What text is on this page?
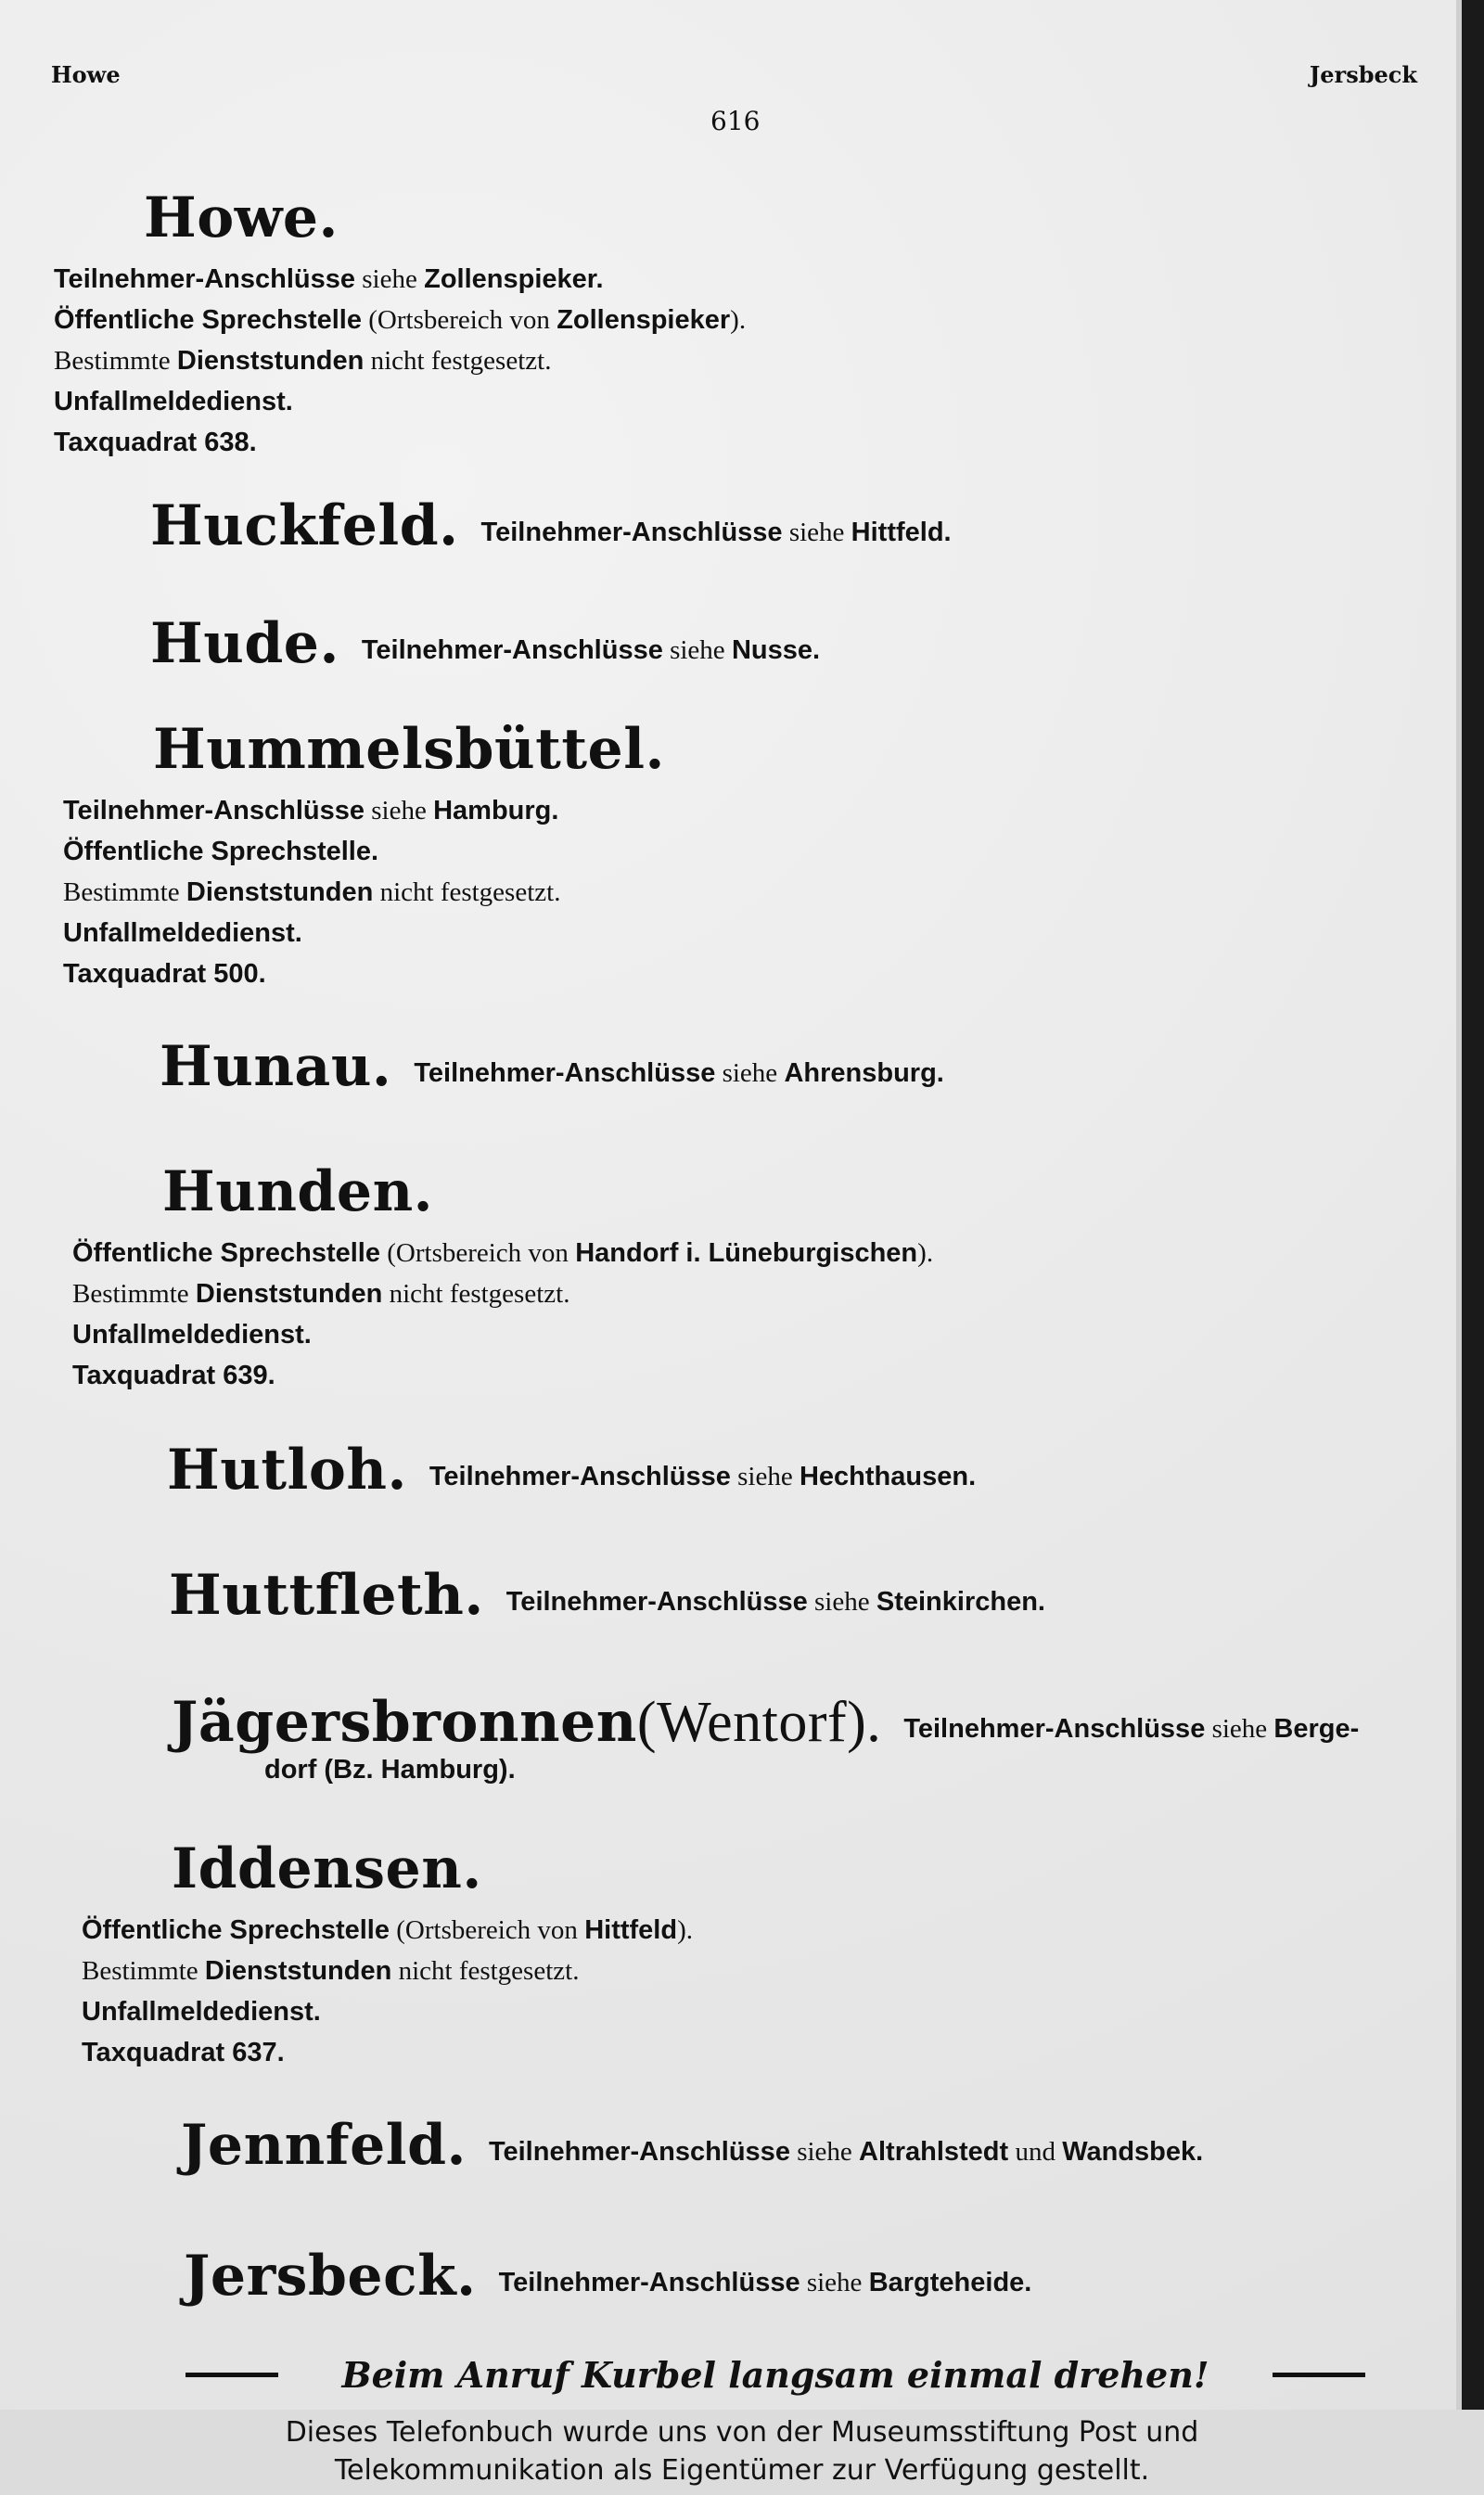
Howe	Jersbeck
616
Howe.
Teilnehmer-Anschlüsse siehe Zollenspieker.
Öffentliche Sprechstelle (Ortsbereich von Zollenspieker).
Bestimmte Dienststunden nicht festgesetzt.
Unfallmeldedienst.
Taxquadrat 638.
Huckfeld. Teilnehmer-Anschlüsse siehe Hittfeld.
Hude. Teilnehmer-Anschlüsse siehe Nusse.
Hummelsbüttel.
Teilnehmer-Anschlüsse siehe Hamburg.
Öffentliche Sprechstelle.
Bestimmte Dienststunden nicht festgesetzt.
Unfallmeldedienst.
Taxquadrat 500.
Hunau. Teilnehmer-Anschlüsse siehe Ahrensburg.
Hunden.
Öffentliche Sprechstelle (Ortsbereich von Handorf i. Lüneburgischen).
Bestimmte Dienststunden nicht festgesetzt.
Unfallmeldedienst.
Taxquadrat 639.
Hutloh. Teilnehmer-Anschlüsse siehe Hechthausen.
Huttfleth. Teilnehmer-Anschlüsse siehe Steinkirchen.
Jägersbronnen(Wentorf). Teilnehmer-Anschlüsse siehe Berge-
dorf (Bz. Hamburg).
Iddensen.
Öffentliche Sprechstelle (Ortsbereich von Hittfeld).
Bestimmte Dienststunden nicht festgesetzt.
Unfallmeldedienst.
Taxquadrat 637.
Jennfeld. Teilnehmer-Anschlüsse siehe Altrahlstedt und Wandsbek.
Jersbeck. Teilnehmer-Anschlüsse siehe Bargteheide.
Beim Anruf Kurbel langsam einmal drehen!
Dieses Telefonbuch wurde uns von der Museumsstiftung Post und
Telekommunikation als Eigentümer zur Verfügung gestellt.
